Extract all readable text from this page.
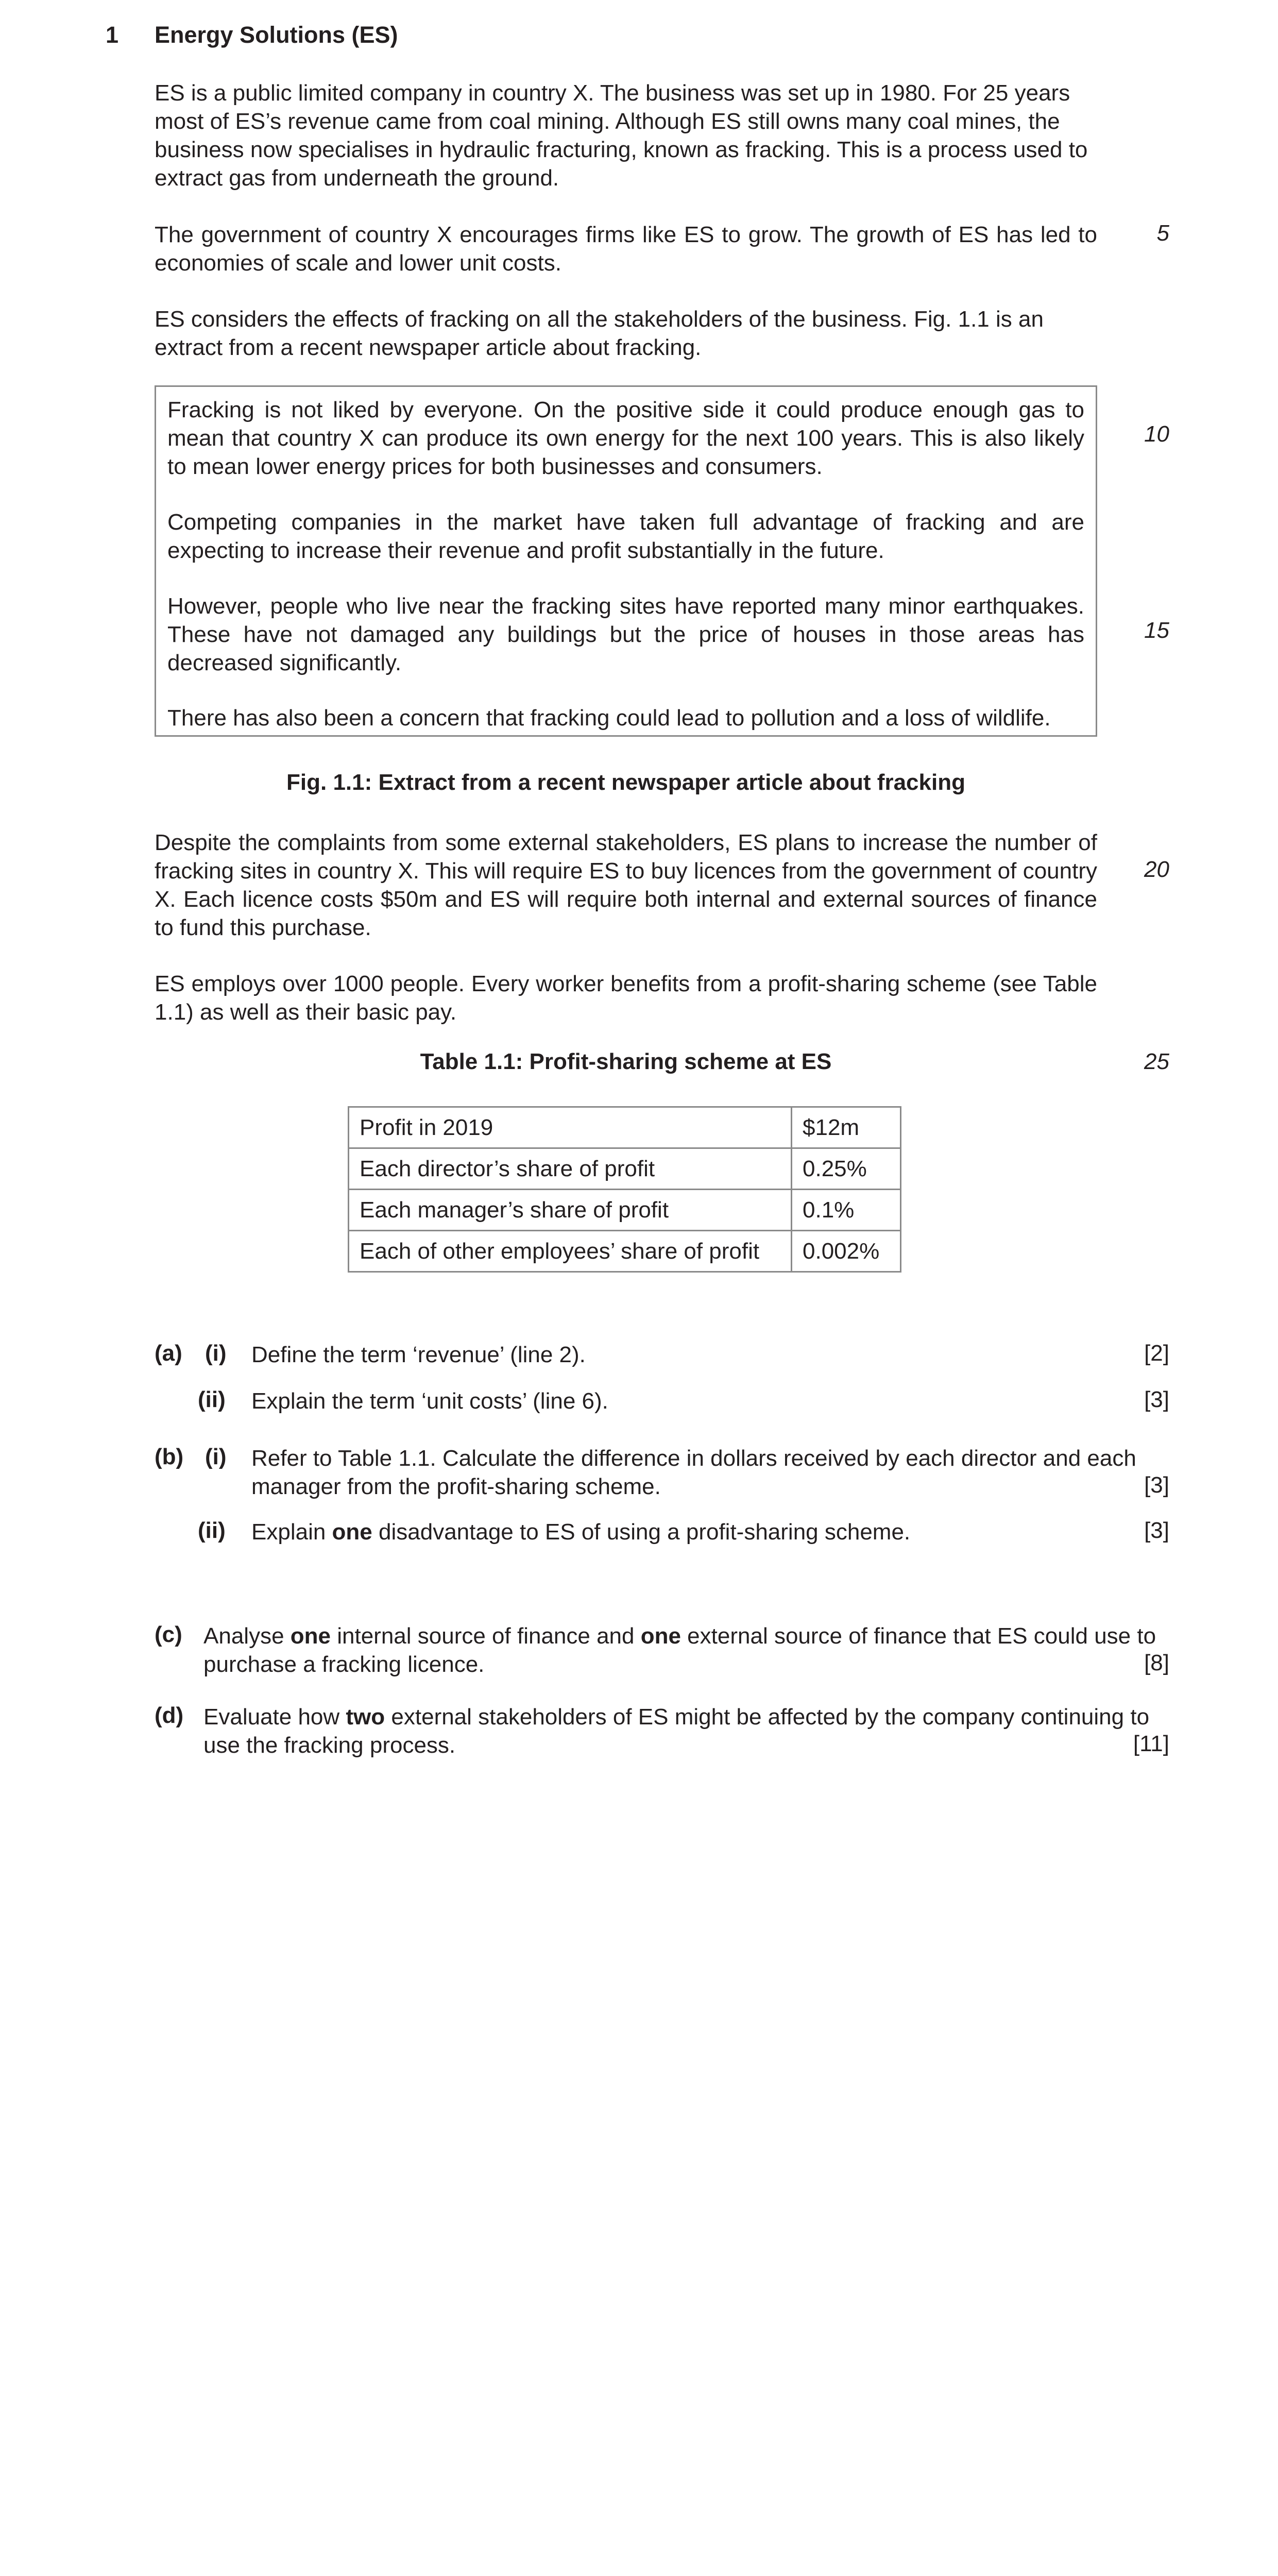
1 Energy Solutions (ES)

ES is a public limited company in country X. The business was set up in 1980. For 25 years most of ES’s revenue came from coal mining. Although ES still owns many coal mines, the business now specialises in hydraulic fracturing, known as fracking. This is a process used to extract gas from underneath the ground.

The government of country X encourages firms like ES to grow. The growth of ES has led to economies of scale and lower unit costs.

ES considers the effects of fracking on all the stakeholders of the business. Fig. 1.1 is an extract from a recent newspaper article about fracking.

5

Fracking is not liked by everyone. On the positive side it could produce enough gas to mean that country X can produce its own energy for the next 100 years. This is also likely to mean lower energy prices for both businesses and consumers.

Competing companies in the market have taken full advantage of fracking and are expecting to increase their revenue and profit substantially in the future.

However, people who live near the fracking sites have reported many minor earthquakes. These have not damaged any buildings but the price of houses in those areas has decreased significantly.

There has also been a concern that fracking could lead to pollution and a loss of wildlife.

10
15
Fig. 1.1: Extract from a recent newspaper article about fracking

Despite the complaints from some external stakeholders, ES plans to increase the number of fracking sites in country X. This will require ES to buy licences from the government of country X. Each licence costs $50m and ES will require both internal and external sources of finance to fund this purchase.

20

ES employs over 1000 people. Every worker benefits from a profit-sharing scheme (see Table 1.1) as well as their basic pay.

Table 1.1: Profit-sharing scheme at ES	25
Profit in 2019	$12m
Each director’s share of profit	0.25%
Each manager’s share of profit	0.1%
Each of other employees’ share of profit	0.002%
(a) (i) Define the term ‘revenue’ (line 2).	[2]
(ii) Explain the term ‘unit costs’ (line 6).	[3]
(b) (i) Refer to Table 1.1. Calculate the difference in dollars received by each director and each manager from the profit-sharing scheme.	[3]
(ii) Explain one disadvantage to ES of using a profit-sharing scheme.	[3]
(c) Analyse one internal source of finance and one external source of finance that ES could use to purchase a fracking licence.	[8]
(d) Evaluate how two external stakeholders of ES might be affected by the company continuing to use the fracking process.	[11]
